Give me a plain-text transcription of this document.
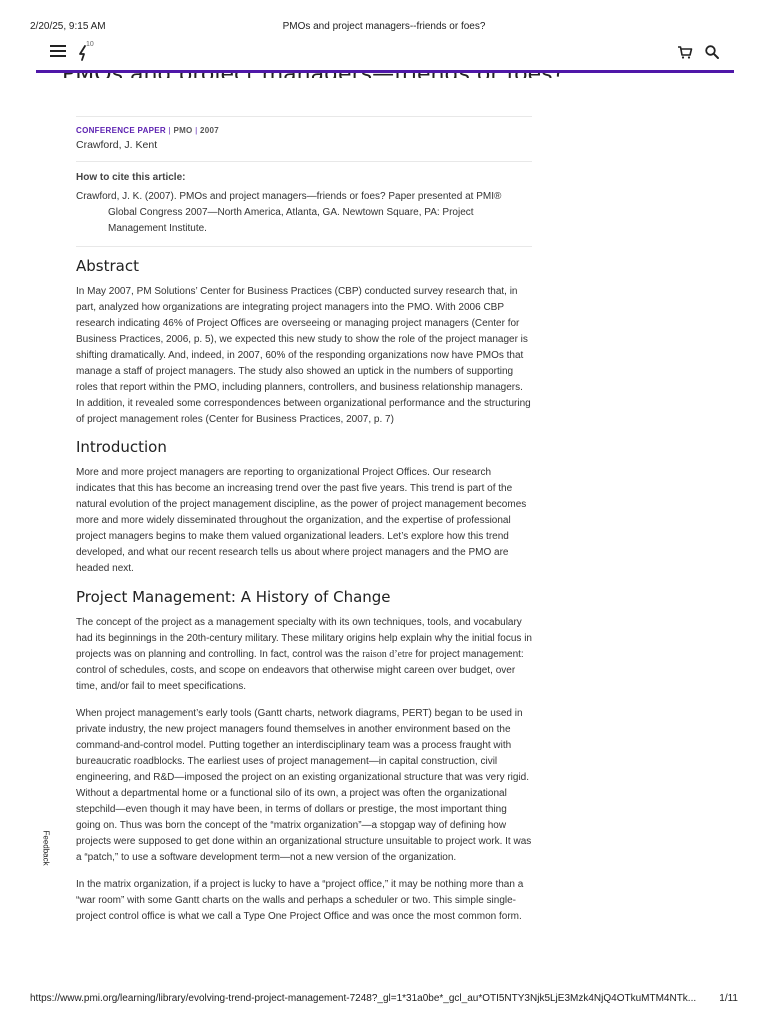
2/20/25, 9:15 AM	PMOs and project managers--friends or foes?
10
CONFERENCE PAPER | PMO | 2007
Crawford, J. Kent
How to cite this article:

Crawford, J. K. (2007). PMOs and project managers—friends or foes? Paper presented at PMI® Global Congress 2007—North America, Atlanta, GA. Newtown Square, PA: Project Management Institute.

Abstract

In May 2007, PM Solutions’ Center for Business Practices (CBP) conducted survey research that, in part, analyzed how organizations are integrating project managers into the PMO. With 2006 CBP research indicating 46% of Project Offices are overseeing or managing project managers (Center for Business Practices, 2006, p. 5), we expected this new study to show the role of the project manager is shifting dramatically. And, indeed, in 2007, 60% of the responding organizations now have PMOs that manage a staff of project managers. The study also showed an uptick in the numbers of supporting roles that report within the PMO, including planners, controllers, and business relationship managers. In addition, it revealed some correspondences between organizational performance and the structuring of project management roles (Center for Business Practices, 2007, p. 7)

Introduction

More and more project managers are reporting to organizational Project Offices. Our research indicates that this has become an increasing trend over the past five years. This trend is part of the natural evolution of the project management discipline, as the power of project management becomes more and more widely disseminated throughout the organization, and the expertise of professional project managers begins to make them valued organizational leaders. Let’s explore how this trend developed, and what our recent research tells us about where project managers and the PMO are headed next.

Project Management: A History of Change

The concept of the project as a management specialty with its own techniques, tools, and vocabulary had its beginnings in the 20th-century military. These military origins help explain why the initial focus in projects was on planning and controlling. In fact, control was the raison d’etre for project management: control of schedules, costs, and scope on endeavors that otherwise might careen over budget, over time, and/or fail to meet specifications.

When project management’s early tools (Gantt charts, network diagrams, PERT) began to be used in private industry, the new project managers found themselves in another environment based on the command-and-control model. Putting together an interdisciplinary team was a process fraught with bureaucratic roadblocks. The earliest uses of project management—in capital construction, civil engineering, and R&D—imposed the project on an existing organizational structure that was very rigid. Without a departmental home or a functional silo of its own, a project was often the organizational stepchild—even though it may have been, in terms of dollars or prestige, the most important thing going on. Thus was born the concept of the “matrix organization”—a stopgap way of defining how projects were supposed to get done within an organizational structure unsuitable to project work. It was a “patch,” to use a software development term—not a new version of the organization.

In the matrix organization, if a project is lucky to have a “project office,” it may be nothing more than a “war room” with some Gantt charts on the walls and perhaps a scheduler or two. This simple single-project control office is what we call a Type One Project Office and was once the most common form.

Feedback
https://www.pmi.org/learning/library/evolving-trend-project-management-7248?_gl=1*31a0be*_gcl_au*OTI5NTY3Njk5LjE3Mzk4NjQ4OTkuMTM4NTk...	1/11
